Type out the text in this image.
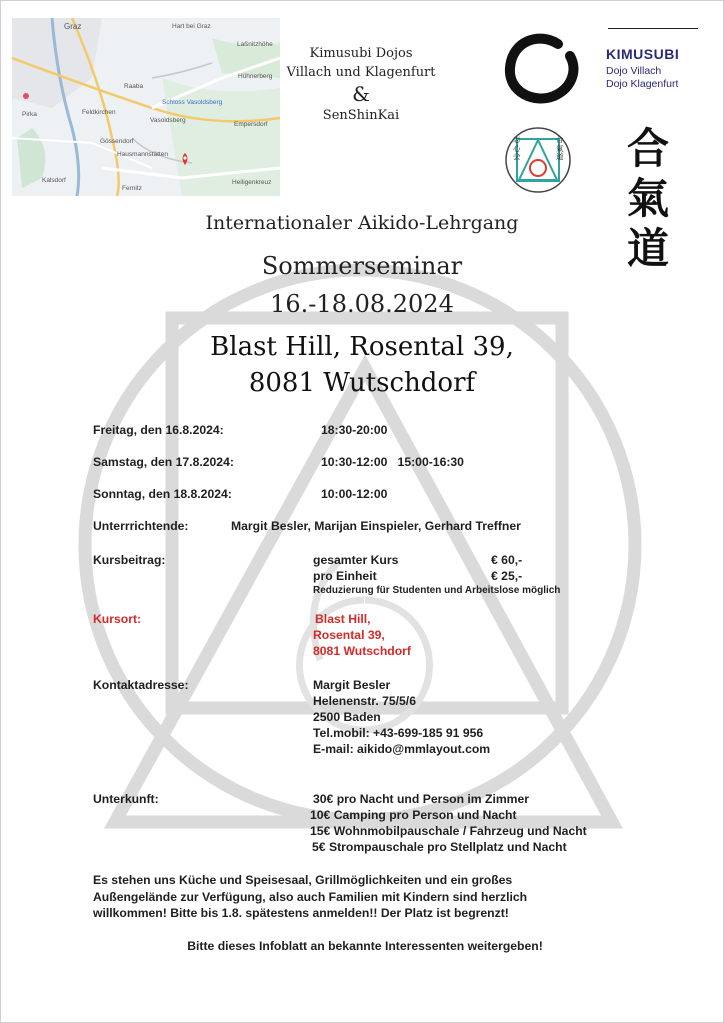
Graz	Hart bei Graz
Laßnitzhöhe
Raaba
Gössendorf
Hausmannstätten
Feldkirchen
Kalsdorf
Pirka
Fernitz
Vasoldsberg
Empersdorf
Hühnerberg
Schloss Vasoldsberg
Heiligenkreuz
Kimusubi Dojos
Villach und Klagenfurt
&
SenShinKai
KIMUSUBI
Dojo Villach
Dojo Klagenfurt
志心会
合氣道	合
氣
道
Internationaler Aikido-Lehrgang
Sommerseminar
16.-18.08.2024
Blast Hill, Rosental 39,
8081 Wutschdorf
Freitag, den 16.8.2024:	18:30-20:00
Samstag, den 17.8.2024:	10:30-12:00   15:00-16:30
Sonntag, den 18.8.2024:	10:00-12:00
Unterrrichtende:	Margit Besler, Marijan Einspieler, Gerhard Treffner
Kursbeitrag:	gesamter Kurs	€ 60,-
pro Einheit	€ 25,-
Reduzierung für Studenten und Arbeitslose möglich
Kursort:	Blast Hill,
Rosental 39,
8081 Wutschdorf
Kontaktadresse:	Margit Besler
Helenenstr. 75/5/6
2500 Baden
Tel.mobil: +43-699-185 91 956
E-mail: aikido@mmlayout.com
Unterkunft:	30€ pro Nacht und Person im Zimmer
10€ Camping pro Person und Nacht
15€ Wohnmobilpauschale / Fahrzeug und Nacht
5€ Strompauschale pro Stellplatz und Nacht
Es stehen uns Küche und Speisesaal, Grillmöglichkeiten und ein großes
Außengelände zur Verfügung, also auch Familien mit Kindern sind herzlich
willkommen! Bitte bis 1.8. spätestens anmelden!! Der Platz ist begrenzt!
Bitte dieses Infoblatt an bekannte Interessenten weitergeben!
